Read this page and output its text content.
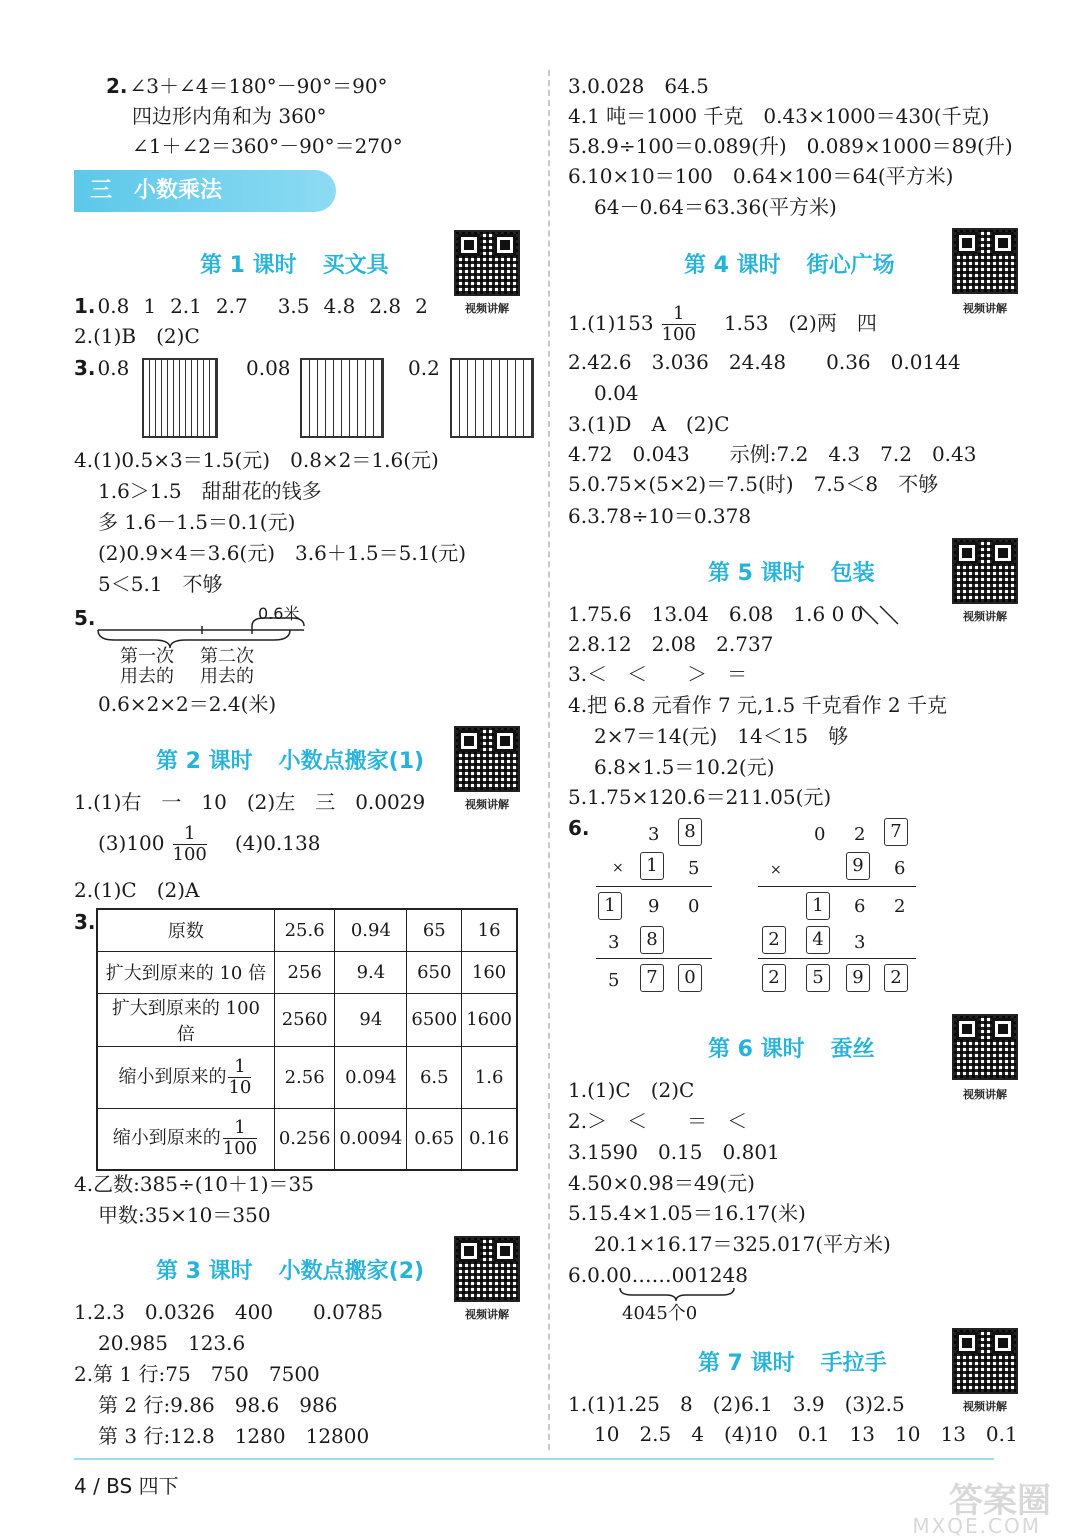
2. ∠3＋∠4＝180°－90°＝90°
四边形内角和为 360°
∠1＋∠2＝360°－90°＝270°
三 小数乘法
第 1 课时 买文具
视频讲解
1. 0.8 1 2.1 2.7 3.5 4.8 2.8 2
2.(1)B　(2)C
3. 0.8	0.08	0.2
4.(1)0.5×3＝1.5(元)　0.8×2＝1.6(元)
1.6＞1.5　甜甜花的钱多
多 1.6－1.5＝0.1(元)
(2)0.9×4＝3.6(元)　3.6＋1.5＝5.1(元)
5＜5.1　不够
5.	0.6米
第一次
用去的
第二次
用去的
0.6×2×2＝2.4(米)
第 2 课时 小数点搬家(1)
视频讲解
1.(1)右　一　10　(2)左　三　0.0029
$(3)100 \frac{1}{100} (4)0.138$
2.(1)C　(2)A
3.	原数	25.6	0.94	65	16
扩大到原来的 10 倍	256	9.4	650	160
扩大到原来的 100 倍	2560	94	6500	1600
缩小到原来的 $\frac{1}{10}$	2.56	0.094	6.5	1.6
缩小到原来的 $\frac{1}{100}$	0.256	0.0094	0.65	0.16
4.乙数:385÷(10＋1)＝35
甲数:35×10＝350
第 3 课时 小数点搬家(2)
视频讲解
1.2.3　0.0326　400　　0.0785
20.985　123.6
2.第 1 行:75　750　7500
第 2 行:9.86　98.6　986
第 3 行:12.8　1280　12800
3.0.028　64.5
4.1 吨＝1000 千克　0.43×1000＝430(千克)
5.8.9÷100＝0.089(升)　0.089×1000＝89(升)
6.10×10＝100　0.64×100＝64(平方米)
64－0.64＝63.36(平方米)
第 4 课时 街心广场
视频讲解
$1.(1)153 \frac{1}{100} 1.53$　(2)两　四
2.42.6　3.036　24.48　　0.36　0.0144
0.04
3.(1)D　A　(2)C
4.72　0.043　　示例:7.2　4.3　7.2　0.43
5.0.75×(5×2)＝7.5(时)　7.5＜8　不够
6.3.78÷10＝0.378
第 5 课时 包装
视频讲解
1.75.6　13.04　6.08　1.6 0 0
2.8.12　2.08　2.737
3.＜　＜　　＞　＝
4.把 6.8 元看作 7 元,1.5 千克看作 2 千克
2×7＝14(元)　14＜15　够
6.8×1.5＝10.2(元)
5.1.75×120.6＝211.05(元)
6.	3	8
×	1	5
1	9 0
3	8
5	7	0
0 2	7
×	9	6
1	6 2
2	4	3
2	5	9	2
第 6 课时 蚕丝
视频讲解
1.(1)C　(2)C
2.＞　＜　　＝　＜
3.1590　0.15　0.801
4.50×0.98＝49(元)
5.15.4×1.05＝16.17(米)
20.1×16.17＝325.017(平方米)
6.0.00……001248
4045个0
第 7 课时 手拉手
视频讲解
1.(1)1.25　8　(2)6.1　3.9　(3)2.5
10　2.5　4　(4)10　0.1　13　10　13　0.1
4 / BS 四下	答案圈
MXQE.COM
